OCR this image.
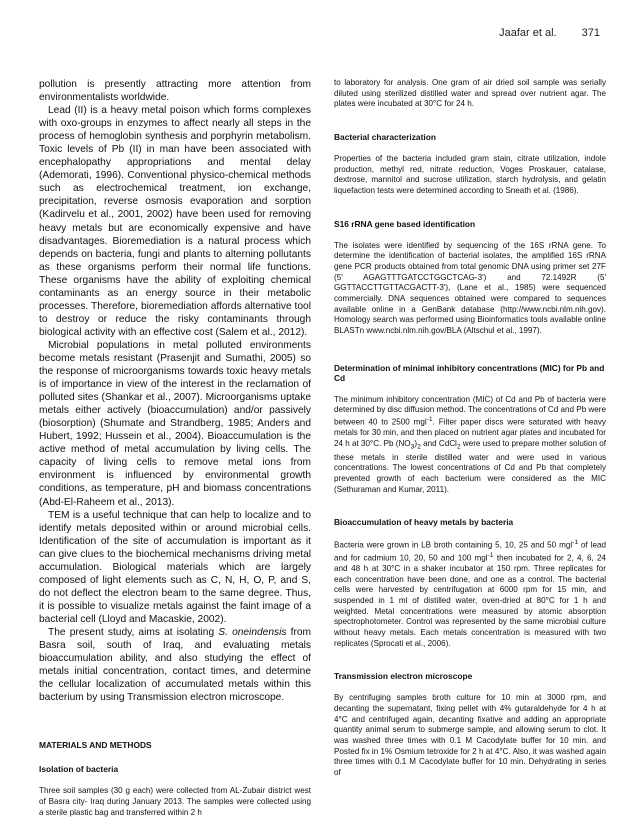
Jaafar et al. 371

pollution is presently attracting more attention from environmentalists worldwide.

Lead (II) is a heavy metal poison which forms complexes with oxo-groups in enzymes to affect nearly all steps in the process of hemoglobin synthesis and porphyrin metabolism. Toxic levels of Pb (II) in man have been associated with encephalopathy appropriations and mental delay (Ademorati, 1996). Conventional physico-chemical methods such as electrochemical treatment, ion exchange, precipitation, reverse osmosis evaporation and sorption (Kadirvelu et al., 2001, 2002) have been used for removing heavy metals but are economically expensive and have disadvantages. Bioremediation is a natural process which depends on bacteria, fungi and plants to alterning pollutants as these organisms perform their normal life functions. These organisms have the ability of exploiting chemical contaminants as an energy source in their metabolic processes. Therefore, bioremediation affords alternative tool to destroy or reduce the risky contaminants through biological activity with an effective cost (Salem et al., 2012).

Microbial populations in metal polluted environments become metals resistant (Prasenjit and Sumathi, 2005) so the response of microorganisms towards toxic heavy metals is of importance in view of the interest in the reclamation of polluted sites (Shankar et al., 2007). Microorganisms uptake metals either actively (bioaccumulation) and/or passively (biosorption) (Shumate and Strandberg, 1985; Anders and Hubert, 1992; Hussein et al., 2004). Bioaccumulation is the active method of metal accumulation by living cells. The capacity of living cells to remove metal ions from environment is influenced by environmental growth conditions, as temperature, pH and biomass concentrations (Abd-El-Raheem et al., 2013).

TEM is a useful technique that can help to localize and to identify metals deposited within or around microbial cells. Identification of the site of accumulation is important as it can give clues to the biochemical mechanisms driving metal accumulation. Biological materials which are largely composed of light elements such as C, N, H, O, P, and S, do not deflect the electron beam to the same degree. Thus, it is possible to visualize metals against the faint image of a bacterial cell (Lloyd and Macaskie, 2002).

The present study, aims at isolating S. oneindensis from Basra soil, south of Iraq, and evaluating metals bioaccumulation ability, and also studying the effect of metals initial concentration, contact times, and determine the cellular localization of accumulated metals within this bacterium by using Transmission electron microscope.

MATERIALS AND METHODS
Isolation of bacteria

Three soil samples (30 g each) were collected from AL-Zubair district west of Basra city- Iraq during January 2013. The samples were collected using a sterile plastic bag and transferred within 2 h

to laboratory for analysis. One gram of air dried soil sample was serially diluted using sterilized distilled water and spread over nutrient agar. The plates were incubated at 30°C for 24 h.

Bacterial characterization

Properties of the bacteria included gram stain, citrate utilization, indole production, methyl red, nitrate reduction, Voges Proskauer, catalase, dextrose, mannitol and sucrose utilization, starch hydrolysis, and gelatin liquefaction tests were determined according to Sneath et al. (1986).

S16 rRNA gene based identification

The isolates were identified by sequencing of the 16S rRNA gene. To determine the identification of bacterial isolates, the amplified 16S rRNA gene PCR products obtained from total genomic DNA using primer set 27F (5' AGAGTTTGATCCTGGCTCAG-3') and 72.1492R (5' GGTTACCTTGTTACGACTT-3'), (Lane et al., 1985) were sequenced commercially. DNA sequences obtained were compared to sequences available online in a GenBank database (http://www.ncbi.nlm.nih.gov). Homology search was performed using Bioinformatics tools available online BLASTn www.ncbi.nlm.nih.gov/BLA (Altschul et al., 1997).

Determination of minimal inhibitory concentrations (MIC) for Pb and Cd

The minimum inhibitory concentration (MIC) of Cd and Pb of bacteria were determined by disc diffusion method. The concentrations of Cd and Pb were between 40 to 2500 mgl$^{-1}$. Filter paper discs were saturated with heavy metals for 30 min, and then placed on nutrient agar plates and incubated for 24 h at 30°C. Pb $(NO_3)_2$ and CdCl$_2$ were used to prepare mother solution of these metals in sterile distilled water and were used in various concentrations. The lowest concentrations of Cd and Pb that completely prevented growth of each bacterium were considered as the MIC (Sethuraman and Kumar, 2011).

Bioaccumulation of heavy metals by bacteria

Bacteria were grown in LB broth containing 5, 10, 25 and 50 mgl$^{-1}$ of lead and for cadmium 10, 20, 50 and 100 mgl$^{-1}$ then incubated for 2, 4, 6, 24 and 48 h at 30°C in a shaker incubator at 150 rpm. Three replicates for each concentration have been done, and one as a control. The bacterial cells were harvested by centrifugation at 6000 rpm for 15 min, and suspended in 1 ml of distilled water, oven-dried at 80°C for 1 h and weighted. Metal concentrations were measured by atomic absorption spectrophotometer. Control was represented by the same microbial culture without heavy metals. Each metals concentration is measured with two replicates (Sprocati et al., 2006).

Transmission electron microscope

By centrifuging samples broth culture for 10 min at 3000 rpm, and decanting the supernatant, fixing pellet with 4% gutaraldehyde for 4 h at 4°C and centrifuged again, decanting fixative and adding an appropriate quantity animal serum to submerge sample, and allowing serum to clot. It was washed three times with 0.1 M Cacodylate buffer for 10 min. and Posted fix in 1% Osmium tetroxide for 2 h at 4°C. Also, it was washed again three times with 0.1 M Cacodylate buffer for 10 min. Dehydrating in series of
